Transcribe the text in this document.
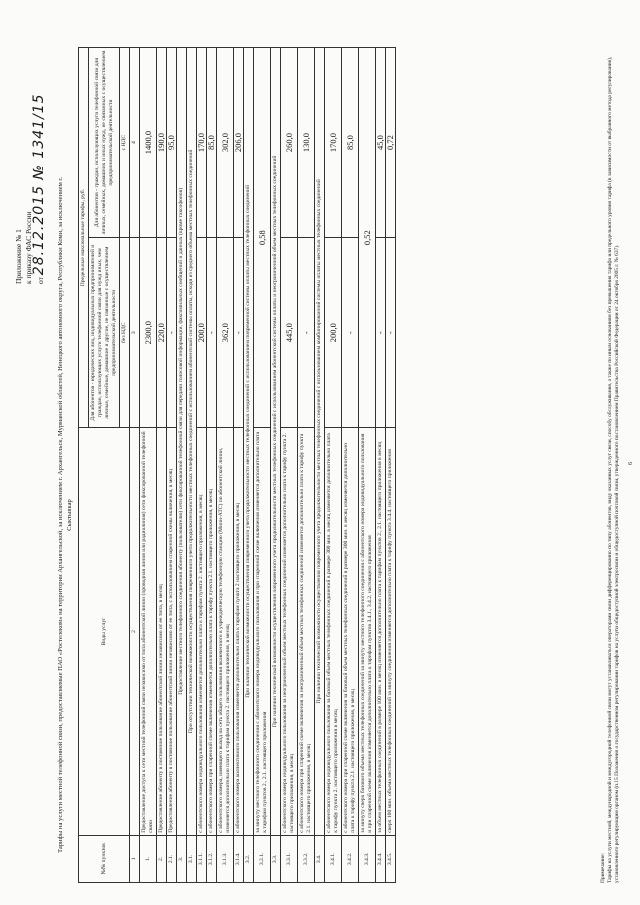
Приложение № 1 к приказу ФАС России от 28.12.2015 № 1341/15 Тарифы на услуги местной телефонной связи, предоставляемые ПАО «Ростелеком» на территории Архангельской, за исключением г. Архангельск, Мурманской областей, Ненецкого автономного округа, Республики Коми, за исключением г. Сыктывкар
№№ пунктов	Виды услуг	Предельные максимальные тарифы, руб.	
		Для абонентов - юридических лиц, индивидуальных предпринимателей и граждан, использующих услуги телефонной связи для нужд иных, чем личные, семейные, домашние и другие, не связанные с осуществлением предпринимательской деятельности	Для абонентов - граждан, использующих услуги телефонной связи для личных, семейных, домашних и иных нужд, не связанных с осуществлением предпринимательской деятельности
		без НДС	с НДС
1	2	3	4
1.	Предоставление доступа к сети местной телефонной связи независимо от типа абонентской линии (проводная линия или радиолиния) сети фиксированной телефонной связи	2300,0	1400,0
2.	Предоставление абоненту в постоянное пользование абонентской линии независимо от ее типа, в месяц	220,0	190,0
2.1.	Предоставление абоненту в постоянное пользование абонентской линии независимо от ее типа, с использованием спаренной схемы включения, в месяц	-	95,0
3.	Предоставление местного телефонного соединения абоненту (пользователю) сети фиксированной телефонной связи для передачи голосовой информации, факсимильных сообщений и данных (кроме таксофонов)		
3.1.	При отсутствии технической возможности осуществления повременного учета продолжительности местных телефонных соединений с использованием абонентской системы оплаты, исходя из среднего объема местных телефонных соединений		
3.1.1.	с абонентского номера индивидуального пользования изменяется дополнительно плата к тарифам пункта 2. настоящего приложения, в месяц	200,0	170,0
3.1.2.	с абонентского номера при спаренной схеме включения изменяется дополнительно плата к тарифу пункта 2.1. настоящего приложения, в месяц	-	85,0
3.1.3.	с абонентского номера, имеющего выход на сеть общего пользования включенного в учрежденческую телефонную станцию (Мини-АТС) по абонентской линии, изменяется дополнительно плата к тарифам пункта 2. настоящего приложения, в месяц	362,0	302,0
3.1.4.	с абонентского номера коллективного пользования изменяется дополнительно плата к тарифам пункта 2 настоящего приложения, в месяц	-	206,0
3.2.	При наличии технической возможности осуществления повременного учета продолжительности местных телефонных соединений с использованием повременной системы оплаты местных телефонных соединений		
3.2.1.	за минуту местного телефонного соединения с абонентского номера индивидуального пользования и при спаренной схеме включения изменяется дополнительно плата к тарифам пунктов 2., 2.1. настоящего приложения	0,58	
3.3.	При наличии технической возможности осуществления повременного учета продолжительности местных телефонных соединений с использованием абонентской системы оплаты и неограниченной объем местных телефонных соединений		
3.3.1.	с абонентского номера индивидуального пользования за неограниченный объем местных телефонных соединений изменяется дополнительно плата к тарифу пункта 2. настоящего приложения, в месяц	445,0	260,0
3.3.2.	с абонентского номера при спаренной схеме включения за неограниченный объем местных телефонных соединений изменяется дополнительно плата к тарифу пункта 2.1. настоящего приложения, в месяц	-	130,0
3.4.	При наличии технической возможности осуществления повременного учета продолжительности местных телефонных соединений с использованием комбинированной системы оплаты местных телефонных соединений		
3.4.1.	с абонентского номера индивидуального пользования за базовый объем местных телефонных соединений в размере 300 мин. в месяц изменяется дополнительно плата к тарифу пункта 2. настоящего приложения в месяц	200,0	170,0
3.4.2.	с абонентского номера при спаренной схеме включения за базовый объем местных телефонных соединений в размере 300 мин. в месяц изменяется дополнительно плата к тарифу пункта 2.1. настоящего приложения, в месяц	-	85,0
3.4.3.	за минуту сверх базового объема местных телефонных соединений за минуту местного телефонного соединения с абонентского номера индивидуального пользования и при спаренной схеме включения изменяется дополнительно плата к тарифам пунктов 3.4.1., 3.4.2. настоящего приложения	0,52	
3.4.4.	за объем местных телефонных соединений в размере 100 мин. в месяц изменяется дополнительно плата к тарифам пунктов 2., 2.1. настоящего приложения в месяц	-	45,0
3.4.5.	сверх 100 мин. объема местных телефонных соединений за минуту соединения изменяется дополнительно плата к тарифу пункта 3.4.4. настоящего приложения	-	0,72
Примечание: Тарифы на услуги местной, международной и междугородной телефонной связи могут устанавливаться операторами связи дифференцированно по типу абонентов, виду оказанных услуг связи, способу обслуживания, а также по иным основаниям без превышения тарифа или предельного уровня тарифа (в зависимости от выбранного метода регулирования), установленного регулирующим органом (п.15 Положения о государственном регулировании тарифов на услуги общедоступной электросвязи и общедоступной почтовой связи, утвержденного постановлением Правительства Российской Федерации от 24 октября 2005 г. № 637). 6
